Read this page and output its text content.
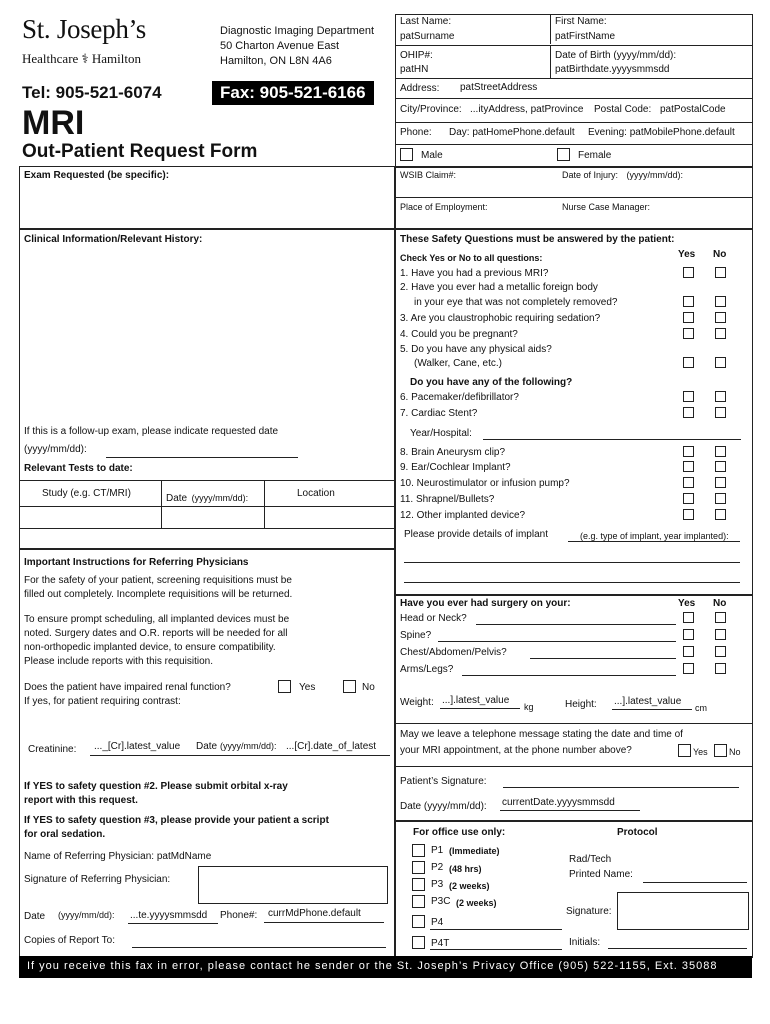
St. Joseph’s
Healthcare ⚕ Hamilton
Diagnostic Imaging Department
50 Charton Avenue East
Hamilton, ON L8N 4A6
Tel: 905-521-6074	Fax: 905-521-6166
MRI
Out-Patient Request Form
Last Name:
patSurname
First Name:
patFirstName
OHIP#:
patHN
Date of Birth (yyyy/mm/dd):
patBirthdate.yyyysmmsdd
Address: patStreetAddress
City/Province: ...ityAddress, patProvince Postal Code: patPostalCode
Phone: Day: patHomePhone.default Evening: patMobilePhone.default
Male	Female
WSIB Claim#:	Date of Injury: (yyyy/mm/dd):
Place of Employment:	Nurse Case Manager:
Exam Requested (be specific):
Clinical Information/Relevant History:
If this is a follow-up exam, please indicate requested date
(yyyy/mm/dd):
Relevant Tests to date:
Study (e.g. CT/MRI)	Date (yyyy/mm/dd):	Location
Important Instructions for Referring Physicians
For the safety of your patient, screening requisitions must be
filled out completely. Incomplete requisitions will be returned.
To ensure prompt scheduling, all implanted devices must be
noted. Surgery dates and O.R. reports will be needed for all
non-orthopedic implanted device, to ensure compatibility.
Please include reports with this requisition.
Does the patient have impaired renal function?	Yes	No
If yes, for patient requiring contrast:
Creatinine: ..._[Cr].latest_value Date (yyyy/mm/dd): ...[Cr].date_of_latest
If YES to safety question #2. Please submit orbital x-ray
report with this request.
If YES to safety question #3, please provide your patient a script
for oral sedation.
Name of Referring Physician: patMdName
Signature of Referring Physician:
Date (yyyy/mm/dd): ...te.yyyysmmsdd Phone#: currMdPhone.default
Copies of Report To:
These Safety Questions must be answered by the patient:
Check Yes or No to all questions:	Yes No
1. Have you had a previous MRI?
2. Have you ever had a metallic foreign body
in your eye that was not completely removed?
3. Are you claustrophobic requiring sedation?
4. Could you be pregnant?
5. Do you have any physical aids?
(Walker, Cane, etc.)
Do you have any of the following?
6. Pacemaker/defibrillator?
7. Cardiac Stent?
Year/Hospital:
8. Brain Aneurysm clip?
9. Ear/Cochlear Implant?
10. Neurostimulator or infusion pump?
11. Shrapnel/Bullets?
12. Other implanted device?
Please provide details of implant	(e.g. type of implant, year implanted):
Have you ever had surgery on your:	Yes No
Head or Neck?
Spine?
Chest/Abdomen/Pelvis?
Arms/Legs?
Weight: ...].latest_value
kg	Height: ...].latest_value
cm
May we leave a telephone message stating the date and time of
your MRI appointment, at the phone number above?	Yes No
Patient’s Signature:
Date (yyyy/mm/dd): currentDate.yyyysmmsdd
For office use only:	Protocol
P1 (Immediate)
P2 (48 hrs)
P3 (2 weeks)
P3C (2 weeks)
P4
P4T
Rad/Tech
Printed Name:
Signature:
Initials:
If you receive this fax in error, please contact he sender or the St. Joseph’s Privacy Office (905) 522-1155, Ext. 35088
